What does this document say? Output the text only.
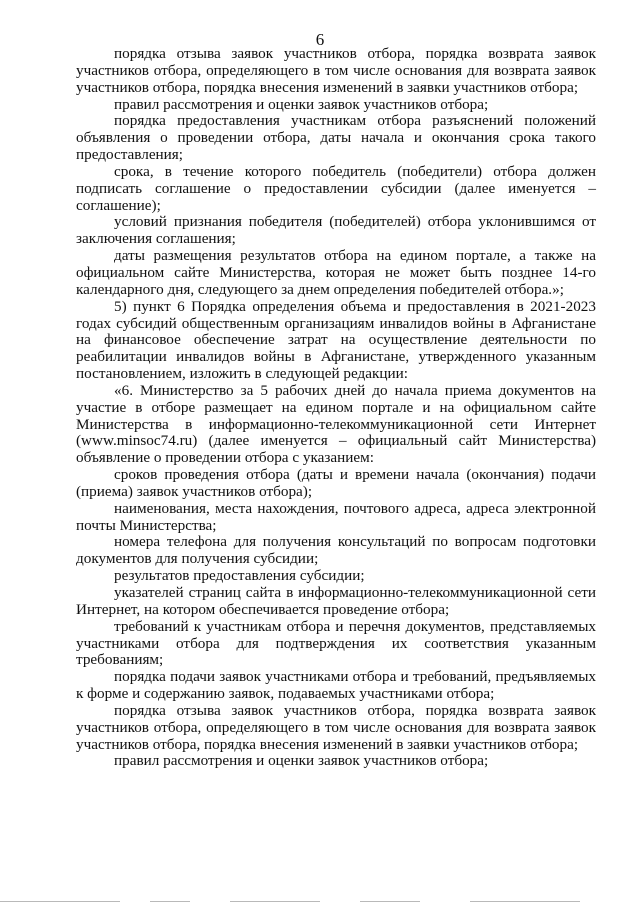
6

порядка отзыва заявок участников отбора, порядка возврата заявок участников отбора, определяющего в том числе основания для возврата заявок участников отбора, порядка внесения изменений в заявки участников отбора;

правил рассмотрения и оценки заявок участников отбора;

порядка предоставления участникам отбора разъяснений положений объявления о проведении отбора, даты начала и окончания срока такого предоставления;

срока, в течение которого победитель (победители) отбора должен подписать соглашение о предоставлении субсидии (далее именуется – соглашение);

условий признания победителя (победителей) отбора уклонившимся от заключения соглашения;

даты размещения результатов отбора на едином портале, а также на официальном сайте Министерства, которая не может быть позднее 14-го календарного дня, следующего за днем определения победителей отбора.»;

5) пункт 6 Порядка определения объема и предоставления в 2021-2023 годах субсидий общественным организациям инвалидов войны в Афганистане на финансовое обеспечение затрат на осуществление деятельности по реабилитации инвалидов войны в Афганистане, утвержденного указанным постановлением, изложить в следующей редакции:

«6. Министерство за 5 рабочих дней до начала приема документов на участие в отборе размещает на едином портале и на официальном сайте Министерства в информационно-телекоммуникационной сети Интернет (www.minsoc74.ru) (далее именуется – официальный сайт Министерства) объявление о проведении отбора с указанием:

сроков проведения отбора (даты и времени начала (окончания) подачи (приема) заявок участников отбора);

наименования, места нахождения, почтового адреса, адреса электронной почты Министерства;

номера телефона для получения консультаций по вопросам подготовки документов для получения субсидии;

результатов предоставления субсидии;

указателей страниц сайта в информационно-телекоммуникационной сети Интернет, на котором обеспечивается проведение отбора;

требований к участникам отбора и перечня документов, представляемых участниками отбора для подтверждения их соответствия указанным требованиям;

порядка подачи заявок участниками отбора и требований, предъявляемых к форме и содержанию заявок, подаваемых участниками отбора;

порядка отзыва заявок участников отбора, порядка возврата заявок участников отбора, определяющего в том числе основания для возврата заявок участников отбора, порядка внесения изменений в заявки участников отбора;

правил рассмотрения и оценки заявок участников отбора;
